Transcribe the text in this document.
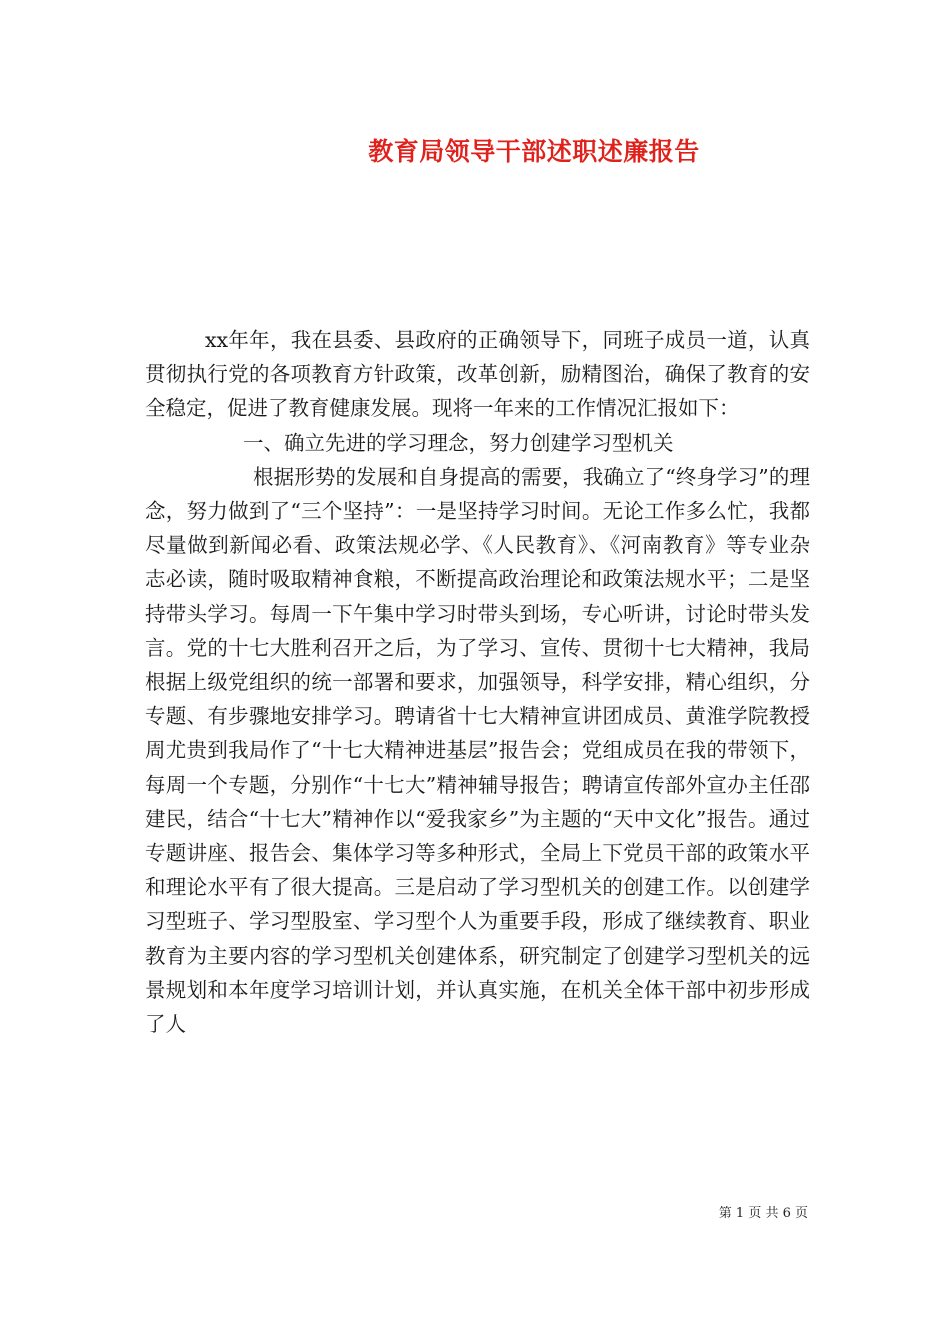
教育局领导干部述职述廉报告

xx年年，我在县委、县政府的正确领导下，同班子成员一道，认真贯彻执行党的各项教育方针政策，改革创新，励精图治，确保了教育的安全稳定，促进了教育健康发展。现将一年来的工作情况汇报如下：

一、确立先进的学习理念，努力创建学习型机关

根据形势的发展和自身提高的需要，我确立了“终身学习”的理念，努力做到了“三个坚持”：一是坚持学习时间。无论工作多么忙，我都尽量做到新闻必看、政策法规必学、《人民教育》、《河南教育》等专业杂志必读，随时吸取精神食粮，不断提高政治理论和政策法规水平；二是坚持带头学习。每周一下午集中学习时带头到场，专心听讲，讨论时带头发言。党的十七大胜利召开之后，为了学习、宣传、贯彻十七大精神，我局根据上级党组织的统一部署和要求，加强领导，科学安排，精心组织，分专题、有步骤地安排学习。聘请省十七大精神宣讲团成员、黄淮学院教授周尤贵到我局作了“十七大精神进基层”报告会；党组成员在我的带领下，每周一个专题，分别作“十七大”精神辅导报告；聘请宣传部外宣办主任邵建民，结合“十七大”精神作以“爱我家乡”为主题的“天中文化”报告。通过专题讲座、报告会、集体学习等多种形式，全局上下党员干部的政策水平和理论水平有了很大提高。三是启动了学习型机关的创建工作。以创建学习型班子、学习型股室、学习型个人为重要手段，形成了继续教育、职业教育为主要内容的学习型机关创建体系，研究制定了创建学习型机关的远景规划和本年度学习培训计划，并认真实施，在机关全体干部中初步形成了人

第 1 页 共 6 页
